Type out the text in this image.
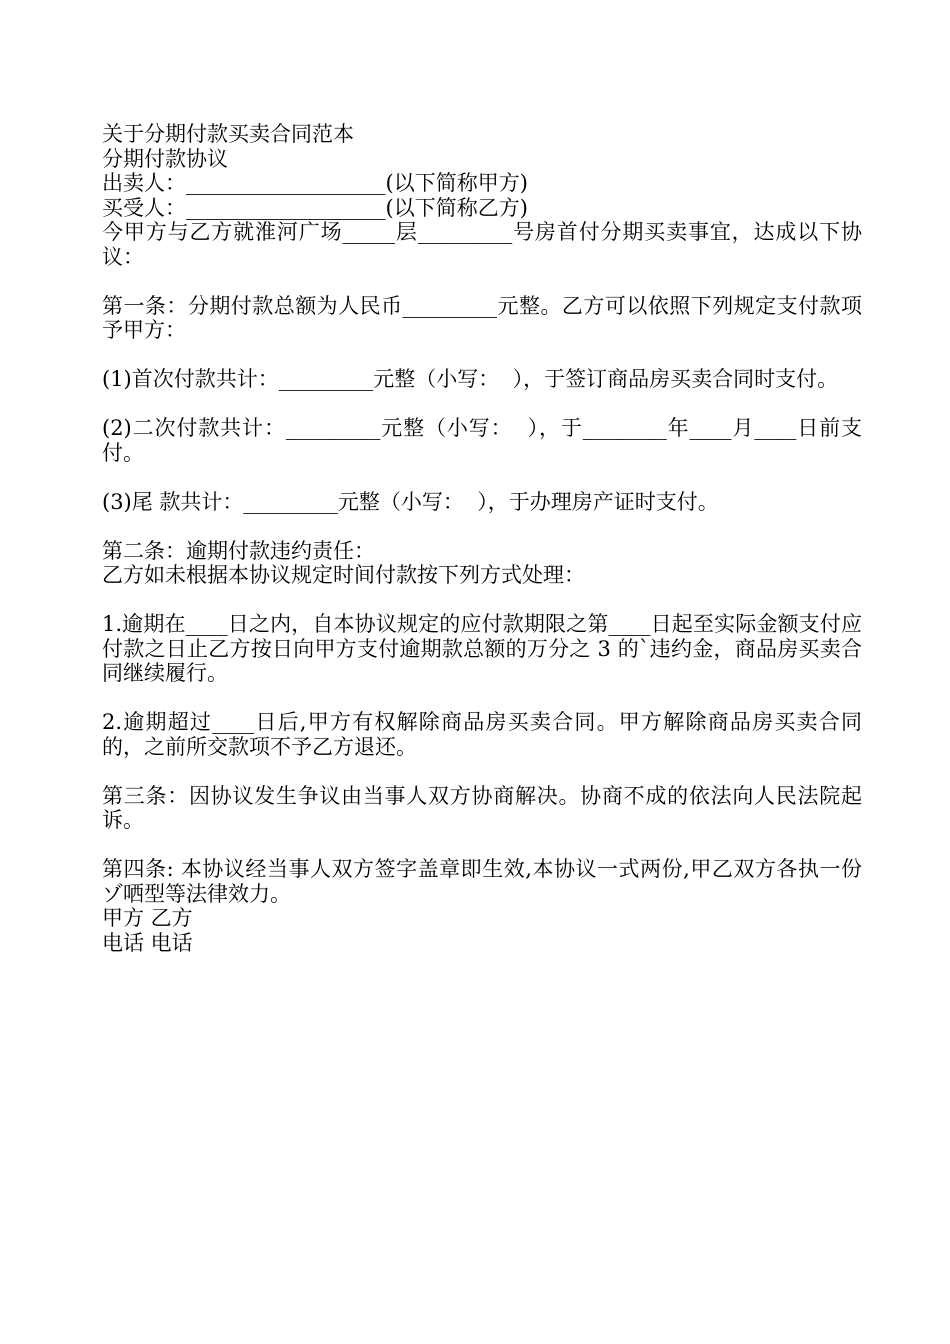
关于分期付款买卖合同范本
分期付款协议
出卖人：___________________(以下简称甲方)
买受人：___________________(以下简称乙方)
今甲方与乙方就淮河广场_____层_________号房首付分期买卖事宜，达成以下协议：
第一条：分期付款总额为人民币_________元整。乙方可以依照下列规定支付款项予甲方：
(1)首次付款共计：_________元整（小写：  ），于签订商品房买卖合同时支付。
(2)二次付款共计：_________元整（小写：  ），于________年____月____日前支付。
(3)尾 款共计：_________元整（小写：  ），于办理房产证时支付。
第二条：逾期付款违约责任：
乙方如未根据本协议规定时间付款按下列方式处理：
1.逾期在____日之内，自本协议规定的应付款期限之第____日起至实际金额支付应付款之日止乙方按日向甲方支付逾期款总额的万分之 3 的`违约金，商品房买卖合同继续履行。
2.逾期超过____日后,甲方有权解除商品房买卖合同。甲方解除商品房买卖合同的，之前所交款项不予乙方退还。
第三条：因协议发生争议由当事人双方协商解决。协商不成的依法向人民法院起诉。
第四条: 本协议经当事人双方签字盖章即生效,本协议一式两份,甲乙双方各执一份ゾ哂型等法律效力。
甲方 乙方
电话 电话
